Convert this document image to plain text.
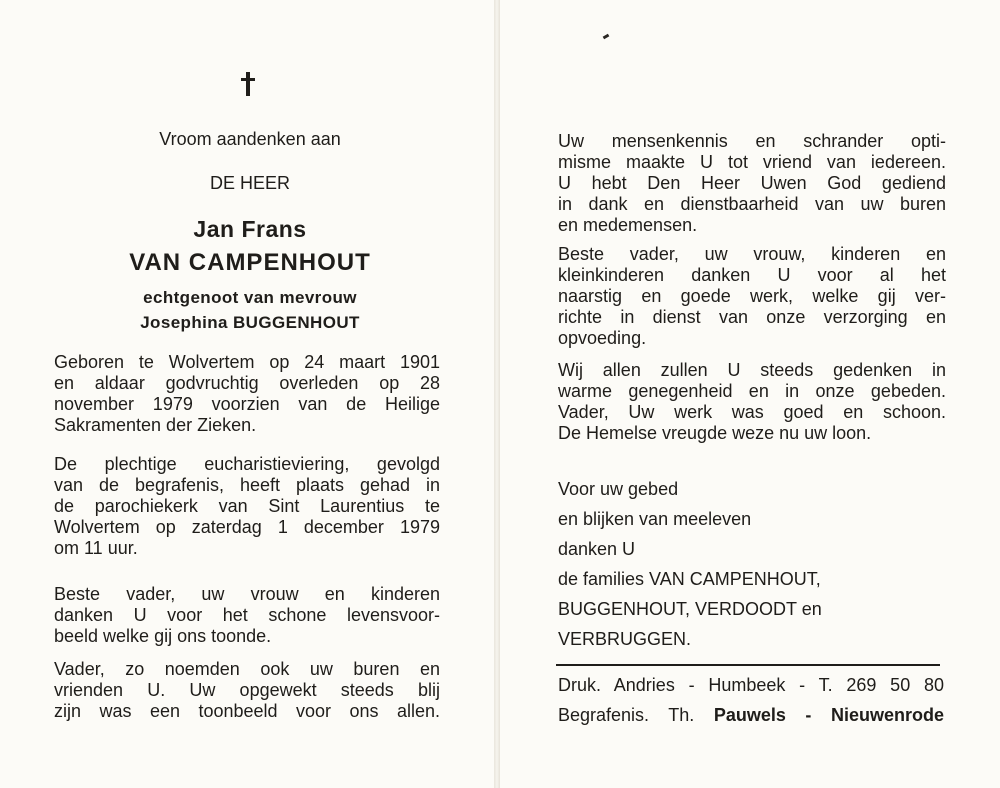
Vroom aandenken aan
DE HEER
Jan Frans
VAN CAMPENHOUT
echtgenoot van mevrouw
Josephina BUGGENHOUT
Geboren te Wolvertem op 24 maart 1901
en aldaar godvruchtig overleden op 28
november 1979 voorzien van de Heilige
Sakramenten der Zieken.
De plechtige eucharistieviering, gevolgd
van de begrafenis, heeft plaats gehad in
de parochiekerk van Sint Laurentius te
Wolvertem op zaterdag 1 december 1979
om 11 uur.
Beste vader, uw vrouw en kinderen
danken U voor het schone levensvoor-
beeld welke gij ons toonde.
Vader, zo noemden ook uw buren en
vrienden U. Uw opgewekt steeds blij
zijn was een toonbeeld voor ons allen.
Uw mensenkennis en schrander opti-
misme maakte U tot vriend van iedereen.
U hebt Den Heer Uwen God gediend
in dank en dienstbaarheid van uw buren
en medemensen.
Beste vader, uw vrouw, kinderen en
kleinkinderen danken U voor al het
naarstig en goede werk, welke gij ver-
richte in dienst van onze verzorging en
opvoeding.
Wij allen zullen U steeds gedenken in
warme genegenheid en in onze gebeden.
Vader, Uw werk was goed en schoon.
De Hemelse vreugde weze nu uw loon.
Voor uw gebed
en blijken van meeleven
danken U
de families VAN CAMPENHOUT,
BUGGENHOUT, VERDOODT en
VERBRUGGEN.
Druk. Andries - Humbeek - T. 269 50 80
Begrafenis. Th. Pauwels - Nieuwenrode
